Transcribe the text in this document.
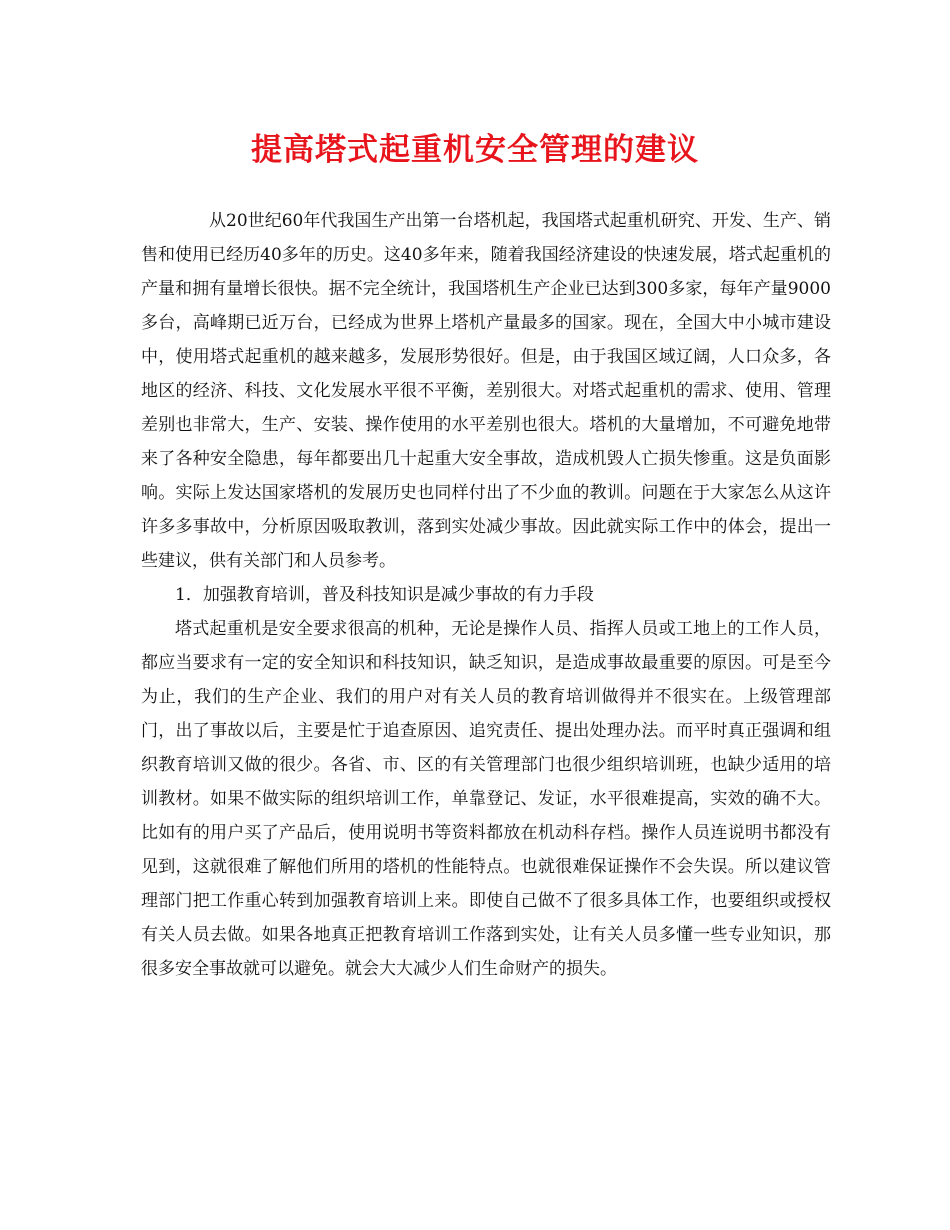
提高塔式起重机安全管理的建议

从20世纪60年代我国生产出第一台塔机起，我国塔式起重机研究、开发、生产、销售和使用已经历40多年的历史。这40多年来，随着我国经济建设的快速发展，塔式起重机的产量和拥有量增长很快。据不完全统计，我国塔机生产企业已达到300多家，每年产量9000多台，高峰期已近万台，已经成为世界上塔机产量最多的国家。现在，全国大中小城市建设中，使用塔式起重机的越来越多，发展形势很好。但是，由于我国区域辽阔，人口众多，各地区的经济、科技、文化发展水平很不平衡，差别很大。对塔式起重机的需求、使用、管理差别也非常大，生产、安装、操作使用的水平差别也很大。塔机的大量增加，不可避免地带来了各种安全隐患，每年都要出几十起重大安全事故，造成机毁人亡损失惨重。这是负面影响。实际上发达国家塔机的发展历史也同样付出了不少血的教训。问题在于大家怎么从这许许多多事故中，分析原因吸取教训，落到实处减少事故。因此就实际工作中的体会，提出一些建议，供有关部门和人员参考。

1．加强教育培训，普及科技知识是减少事故的有力手段

塔式起重机是安全要求很高的机种，无论是操作人员、指挥人员或工地上的工作人员，都应当要求有一定的安全知识和科技知识，缺乏知识，是造成事故最重要的原因。可是至今为止，我们的生产企业、我们的用户对有关人员的教育培训做得并不很实在。上级管理部门，出了事故以后，主要是忙于追查原因、追究责任、提出处理办法。而平时真正强调和组织教育培训又做的很少。各省、市、区的有关管理部门也很少组织培训班，也缺少适用的培训教材。如果不做实际的组织培训工作，单靠登记、发证，水平很难提高，实效的确不大。比如有的用户买了产品后，使用说明书等资料都放在机动科存档。操作人员连说明书都没有见到，这就很难了解他们所用的塔机的性能特点。也就很难保证操作不会失误。所以建议管理部门把工作重心转到加强教育培训上来。即使自己做不了很多具体工作，也要组织或授权有关人员去做。如果各地真正把教育培训工作落到实处，让有关人员多懂一些专业知识，那很多安全事故就可以避免。就会大大减少人们生命财产的损失。
